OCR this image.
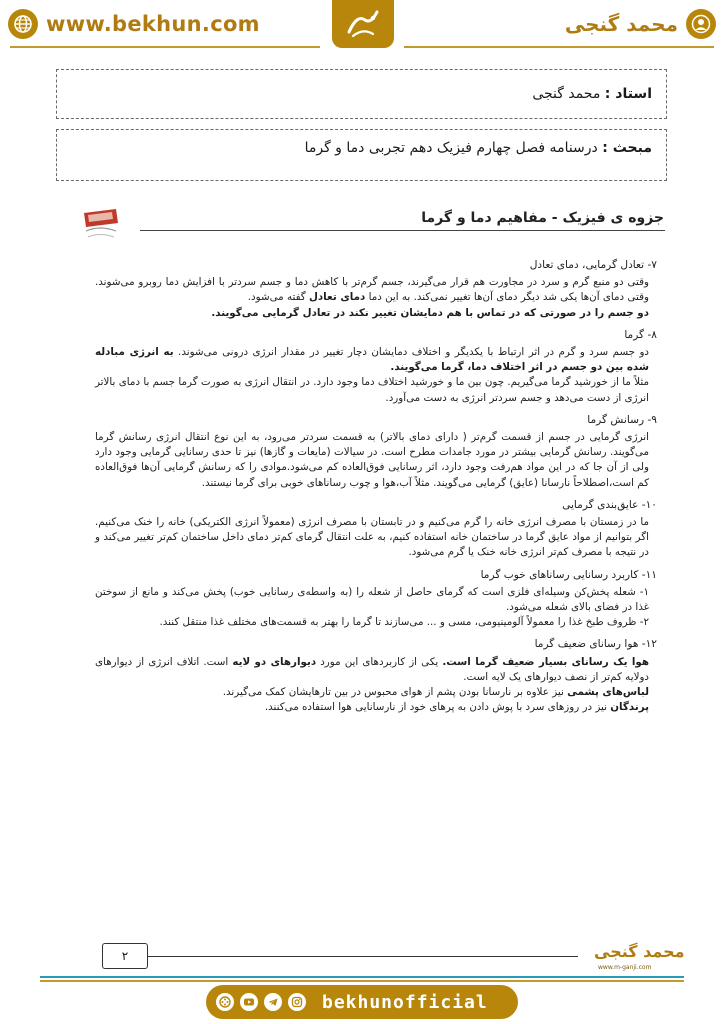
www.bekhun.com	محمد گنجی
استاد : محمد گنجی
مبحث : درسنامه فصل چهارم فیزیک دهم تجربی دما و گرما
جزوه ی فیزیک - مفاهیم دما و گرما
۷- تعادل گرمایی، دمای تعادل

وقتی دو منبع گرم و سرد در مجاورت هم قرار می‌گیرند، جسم گرم‌تر با کاهش دما و جسم سردتر با افزایش دما روبرو می‌شوند. وقتی دمای آن‌ها یکی شد دیگر دمای آن‌ها تغییر نمی‌کند. به این دما دمای تعادل گفته می‌شود.

دو جسم را در صورتی که در تماس با هم دمایشان تغییر نکند در تعادل گرمایی می‌گویند.

۸- گرما

دو جسم سرد و گرم در اثر ارتباط با یکدیگر و اختلاف دمایشان دچار تغییر در مقدار انرژی درونی می‌شوند. به انرژی مبادله شده بین دو جسم در اثر اختلاف دما، گرما می‌گویند.

مثلاً ما از خورشید گرما می‌گیریم. چون بین ما و خورشید اختلاف دما وجود دارد. در انتقال انرژی به صورت گرما جسم با دمای بالاتر انرژی از دست می‌دهد و جسم سردتر انرژی به دست می‌آورد.

۹- رسانش گرما

انرژی گرمایی در جسم از قسمت گرم‌تر ( دارای دمای بالاتر) به قسمت سردتر می‌رود، به این نوع انتقال انرژی رسانش گرما می‌گویند. رسانش گرمایی بیشتر در مورد جامدات مطرح است. در سیالات (مایعات و گازها) نیز تا حدی رسانایی گرمایی وجود دارد ولی از آن جا که در این مواد هم‌رفت وجود دارد، اثر رسانایی فوق‌العاده کم می‌شود.موادی را که رسانش گرمایی آن‌ها فوق‌العاده کم است،اصطلاحاً نارسانا (عایق) گرمایی می‌گویند. مثلاً آب،هوا و چوب رسانا‌های خوبی برای گرما نیستند.

۱۰- عایق‌بندی گرمایی

ما در زمستان با مصرف انرژی خانه را گرم می‌کنیم و در تابستان با مصرف انرژی (معمولاً انرژی الکتریکی) خانه را خنک می‌کنیم. اگر بتوانیم از مواد عایق گرما در ساختمان خانه استفاده کنیم، به علت انتقال گرمای کم‌تر دمای داخل ساختمان کم‌تر تغییر می‌کند و در نتیجه با مصرف کم‌تر انرژی خانه خنک یا گرم می‌شود.

۱۱- کاربرد رسانایی رسانا‌های خوب گرما

۱- شعله پخش‌کن وسیله‌ای فلزی است که گرمای حاصل از شعله را (به واسطه‌ی رسانایی خوب) پخش می‌کند و مانع از سوختن غذا در فضای بالای شعله می‌شود.

۲- ظروف طبخ غذا را معمولاً آلومینیومی، مسی و ... می‌سازند تا گرما را بهتر به قسمت‌های مختلف غذا منتقل کنند.

۱۲- هوا رسانای ضعیف گرما

هوا یک رسانای بسیار ضعیف گرما است. یکی از کاربرد‌های این مورد دیوارهای دو لایه است. اتلاف انرژی از دیوار‌های دولایه کم‌تر از نصف دیوار‌های یک لایه است.

لباس‌های پشمی نیز علاوه بر نارسانا بودن پشم از هوای محبوس در بین تار‌هایشان کمک می‌گیرند.

پرندگان نیز در روز‌های سرد با پوش دادن به پرهای خود از نارسانایی هوا استفاده می‌کنند.

۲	محمد گنجی
www.m-ganji.com
bekhunofficial
